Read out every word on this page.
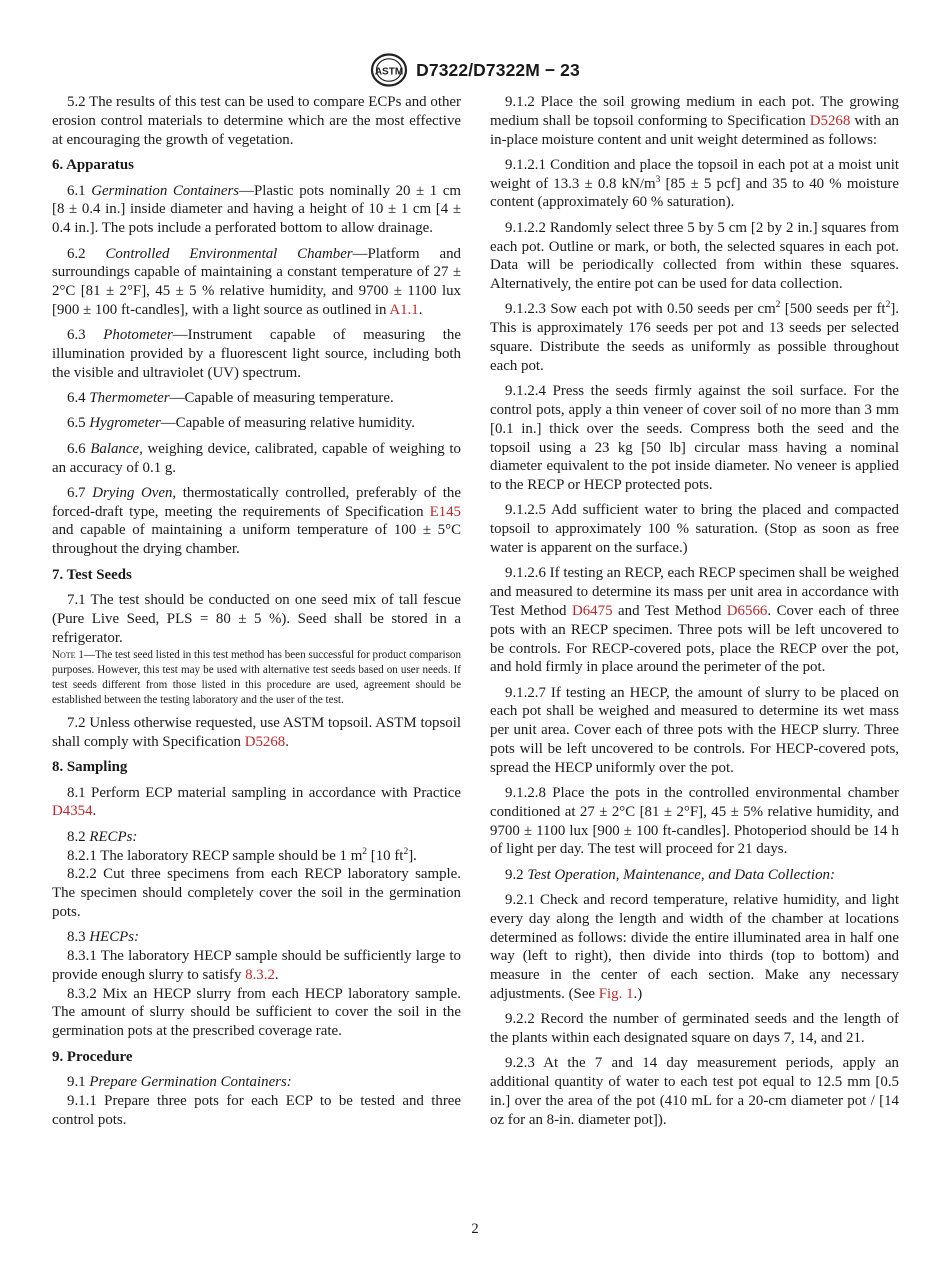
ASTM D7322/D7322M − 23

5.2 The results of this test can be used to compare ECPs and other erosion control materials to determine which are the most effective at encouraging the growth of vegetation.

6. Apparatus

6.1 Germination Containers—Plastic pots nominally 20 ± 1 cm [8 ± 0.4 in.] inside diameter and having a height of 10 ± 1 cm [4 ± 0.4 in.]. The pots include a perforated bottom to allow drainage.

6.2 Controlled Environmental Chamber—Platform and surroundings capable of maintaining a constant temperature of 27 ± 2°C [81 ± 2°F], 45 ± 5 % relative humidity, and 9700 ± 1100 lux [900 ± 100 ft-candles], with a light source as outlined in A1.1.

6.3 Photometer—Instrument capable of measuring the illumination provided by a fluorescent light source, including both the visible and ultraviolet (UV) spectrum.

6.4 Thermometer—Capable of measuring temperature.

6.5 Hygrometer—Capable of measuring relative humidity.

6.6 Balance, weighing device, calibrated, capable of weighing to an accuracy of 0.1 g.

6.7 Drying Oven, thermostatically controlled, preferably of the forced-draft type, meeting the requirements of Specification E145 and capable of maintaining a uniform temperature of 100 ± 5°C throughout the drying chamber.

7. Test Seeds

7.1 The test should be conducted on one seed mix of tall fescue (Pure Live Seed, PLS = 80 ± 5 %). Seed shall be stored in a refrigerator.

Note 1—The test seed listed in this test method has been successful for product comparison purposes. However, this test may be used with alternative test seeds based on user needs. If test seeds different from those listed in this procedure are used, agreement should be established between the testing laboratory and the user of the test.

7.2 Unless otherwise requested, use ASTM topsoil. ASTM topsoil shall comply with Specification D5268.

8. Sampling

8.1 Perform ECP material sampling in accordance with Practice D4354.

8.2 RECPs:

8.2.1 The laboratory RECP sample should be 1 $m^2$ [10 $ft^2$].

8.2.2 Cut three specimens from each RECP laboratory sample. The specimen should completely cover the soil in the germination pots.

8.3 HECPs:

8.3.1 The laboratory HECP sample should be sufficiently large to provide enough slurry to satisfy 8.3.2.

8.3.2 Mix an HECP slurry from each HECP laboratory sample. The amount of slurry should be sufficient to cover the soil in the germination pots at the prescribed coverage rate.

9. Procedure

9.1 Prepare Germination Containers:

9.1.1 Prepare three pots for each ECP to be tested and three control pots.

9.1.2 Place the soil growing medium in each pot. The growing medium shall be topsoil conforming to Specification D5268 with an in-place moisture content and unit weight determined as follows:

9.1.2.1 Condition and place the topsoil in each pot at a moist unit weight of 13.3 ± 0.8 $kN/m^3$ [85 ± 5 pcf] and 35 to 40 % moisture content (approximately 60 % saturation).

9.1.2.2 Randomly select three 5 by 5 cm [2 by 2 in.] squares from each pot. Outline or mark, or both, the selected squares in each pot. Data will be periodically collected from within these squares. Alternatively, the entire pot can be used for data collection.

9.1.2.3 Sow each pot with 0.50 seeds per $cm^2$ [500 seeds per $ft^2$]. This is approximately 176 seeds per pot and 13 seeds per selected square. Distribute the seeds as uniformly as possible throughout each pot.

9.1.2.4 Press the seeds firmly against the soil surface. For the control pots, apply a thin veneer of cover soil of no more than 3 mm [0.1 in.] thick over the seeds. Compress both the seed and the topsoil using a 23 kg [50 lb] circular mass having a nominal diameter equivalent to the pot inside diameter. No veneer is applied to the RECP or HECP protected pots.

9.1.2.5 Add sufficient water to bring the placed and compacted topsoil to approximately 100 % saturation. (Stop as soon as free water is apparent on the surface.)

9.1.2.6 If testing an RECP, each RECP specimen shall be weighed and measured to determine its mass per unit area in accordance with Test Method D6475 and Test Method D6566. Cover each of three pots with an RECP specimen. Three pots will be left uncovered to be controls. For RECP-covered pots, place the RECP over the pot, and hold firmly in place around the perimeter of the pot.

9.1.2.7 If testing an HECP, the amount of slurry to be placed on each pot shall be weighed and measured to determine its wet mass per unit area. Cover each of three pots with the HECP slurry. Three pots will be left uncovered to be controls. For HECP-covered pots, spread the HECP uniformly over the pot.

9.1.2.8 Place the pots in the controlled environmental chamber conditioned at 27 ± 2°C [81 ± 2°F], 45 ± 5% relative humidity, and 9700 ± 1100 lux [900 ± 100 ft-candles]. Photoperiod should be 14 h of light per day. The test will proceed for 21 days.

9.2 Test Operation, Maintenance, and Data Collection:

9.2.1 Check and record temperature, relative humidity, and light every day along the length and width of the chamber at locations determined as follows: divide the entire illuminated area in half one way (left to right), then divide into thirds (top to bottom) and measure in the center of each section. Make any necessary adjustments. (See Fig. 1.)

9.2.2 Record the number of germinated seeds and the length of the plants within each designated square on days 7, 14, and 21.

9.2.3 At the 7 and 14 day measurement periods, apply an additional quantity of water to each test pot equal to 12.5 mm [0.5 in.] over the area of the pot (410 mL for a 20-cm diameter pot / [14 oz for an 8-in. diameter pot]).

2
